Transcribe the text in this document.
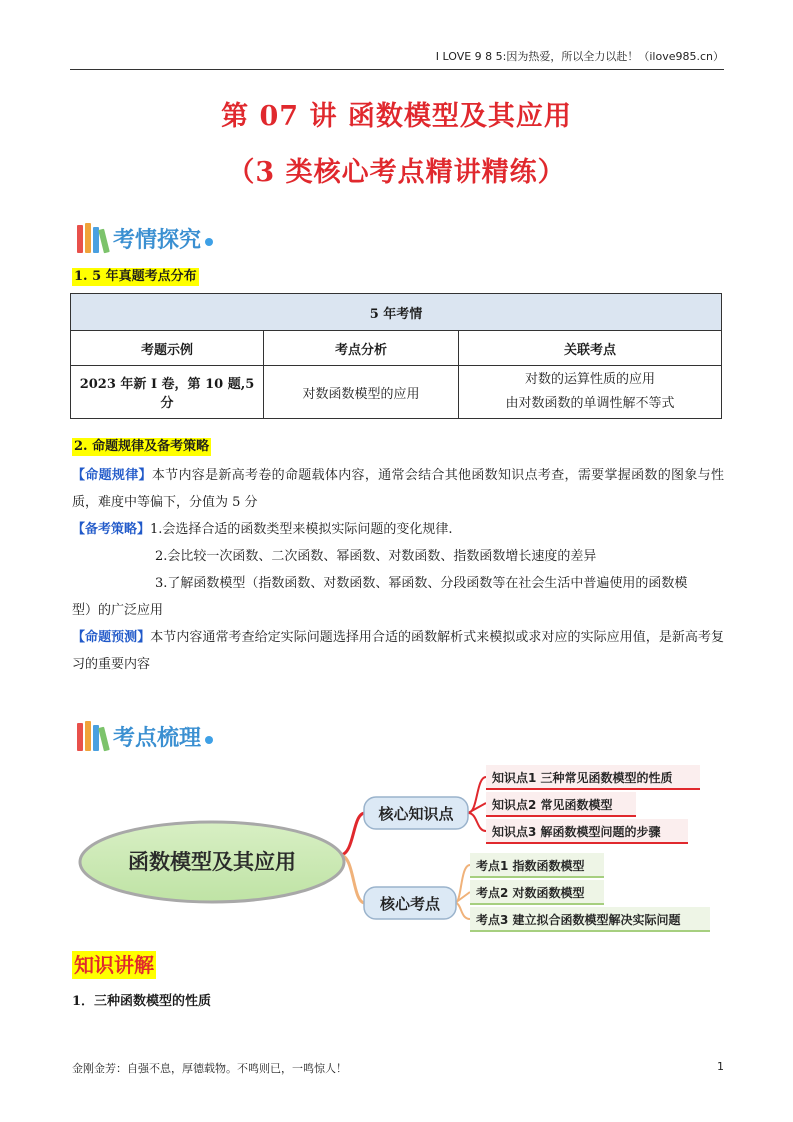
I LOVE 9 8 5:因为热爱，所以全力以赴！（ilove985.cn）
第 07 讲 函数模型及其应用
（3 类核心考点精讲精练）
考情探究
1. 5 年真题考点分布
5 年考情		
考题示例	考点分析	关联考点
2023 年新 I 卷，第 10 题,5 分	对数函数模型的应用	对数的运算性质的应用
由对数函数的单调性解不等式
2. 命题规律及备考策略
【命题规律】本节内容是新高考卷的命题载体内容，通常会结合其他函数知识点考查，需要掌握函数的图象与性质，难度中等偏下，分值为 5 分
【备考策略】1.会选择合适的函数类型来模拟实际问题的变化规律.
2.会比较一次函数、二次函数、幂函数、对数函数、指数函数增长速度的差异
3.了解函数模型（指数函数、对数函数、幂函数、分段函数等在社会生活中普遍使用的函数模
型）的广泛应用
【命题预测】本节内容通常考查给定实际问题选择用合适的函数解析式来模拟或求对应的实际应用值，是新高考复习的重要内容
考点梳理
函数模型及其应用
核心知识点
核心考点
知识点1 三种常见函数模型的性质
知识点2 常见函数模型
知识点3 解函数模型问题的步骤
考点1 指数函数模型
考点2 对数函数模型
考点3 建立拟合函数模型解决实际问题
知识讲解
1．三种函数模型的性质
金刚金芳：自强不息，厚德载物。不鸣则已，一鸣惊人！	1
